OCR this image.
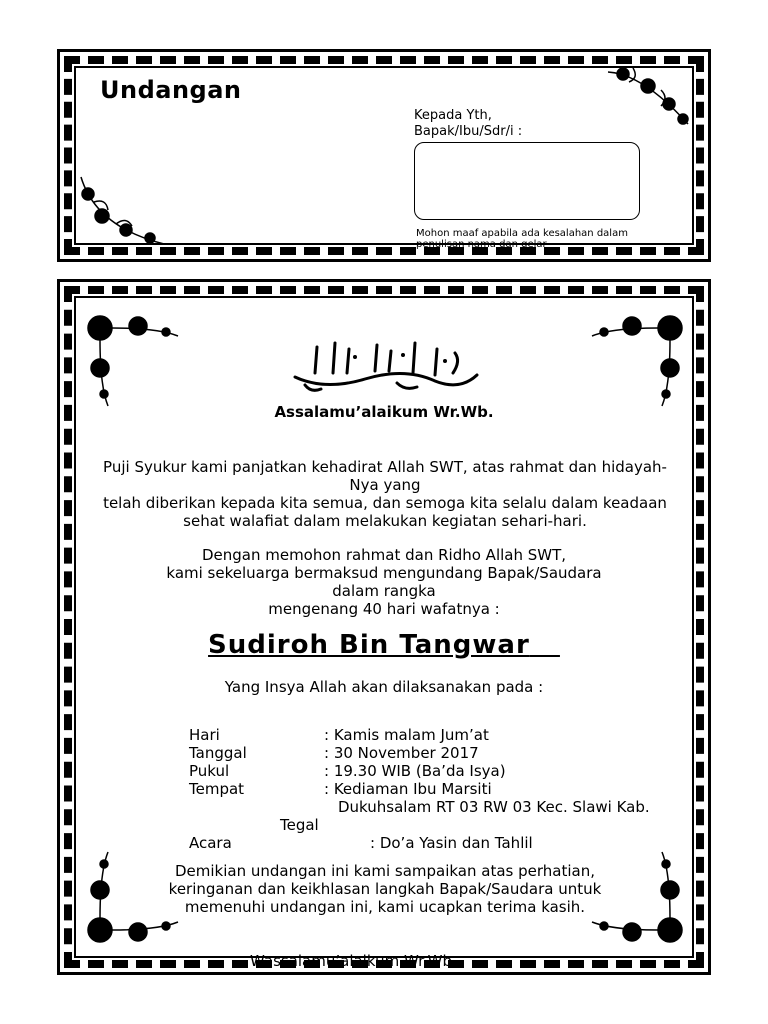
Undangan
Kepada Yth,
Bapak/Ibu/Sdr/i :
Mohon maaf apabila ada kesalahan dalam penulisan nama dan gelar
Assalamu’alaikum Wr.Wb.
Puji Syukur kami panjatkan kehadirat Allah SWT, atas rahmat dan hidayah-
Nya yang
telah diberikan kepada kita semua, dan semoga kita selalu dalam keadaan
sehat walafiat dalam melakukan kegiatan sehari-hari.
Dengan memohon rahmat dan Ridho Allah SWT,
kami sekeluarga bermaksud mengundang Bapak/Saudara
dalam rangka
mengenang 40 hari wafatnya :
Sudiroh Bin Tangwar
Yang Insya Allah akan dilaksanakan pada :
Hari	: Kamis malam Jum’at
Tanggal	: 30 November 2017
Pukul	: 19.30 WIB (Ba’da Isya)
Tempat	: Kediaman Ibu Marsiti
Dukuhsalam RT 03 RW 03 Kec. Slawi Kab.
Tegal
Acara	: Do’a Yasin dan Tahlil
Demikian undangan ini kami sampaikan atas perhatian,
keringanan dan keikhlasan langkah Bapak/Saudara untuk
memenuhi undangan ini, kami ucapkan terima kasih.
Wassalamu’alaikum Wr.Wb.
